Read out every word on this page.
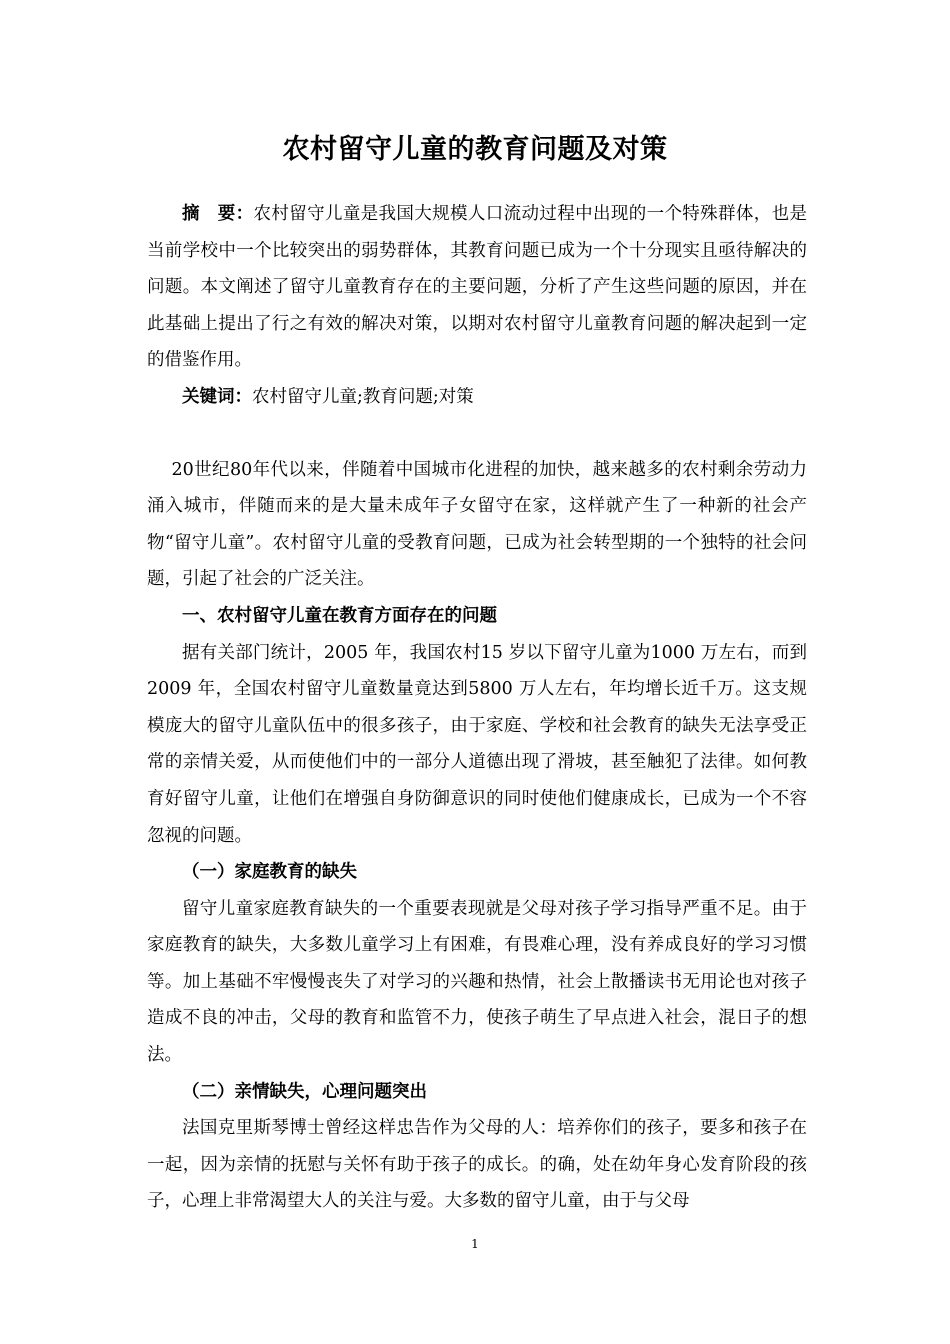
农村留守儿童的教育问题及对策

摘　要：农村留守儿童是我国大规模人口流动过程中出现的一个特殊群体，也是当前学校中一个比较突出的弱势群体，其教育问题已成为一个十分现实且亟待解决的问题。本文阐述了留守儿童教育存在的主要问题，分析了产生这些问题的原因，并在此基础上提出了行之有效的解决对策，以期对农村留守儿童教育问题的解决起到一定的借鉴作用。

关键词：农村留守儿童;教育问题;对策

20世纪80年代以来，伴随着中国城市化进程的加快，越来越多的农村剩余劳动力涌入城市，伴随而来的是大量未成年子女留守在家，这样就产生了一种新的社会产物“留守儿童”。农村留守儿童的受教育问题，已成为社会转型期的一个独特的社会问题，引起了社会的广泛关注。

一、农村留守儿童在教育方面存在的问题

据有关部门统计，2005 年，我国农村15 岁以下留守儿童为1000 万左右，而到2009 年，全国农村留守儿童数量竟达到5800 万人左右，年均增长近千万。这支规模庞大的留守儿童队伍中的很多孩子，由于家庭、学校和社会教育的缺失无法享受正常的亲情关爱，从而使他们中的一部分人道德出现了滑坡，甚至触犯了法律。如何教育好留守儿童，让他们在增强自身防御意识的同时使他们健康成长，已成为一个不容忽视的问题。

（一）家庭教育的缺失

留守儿童家庭教育缺失的一个重要表现就是父母对孩子学习指导严重不足。由于家庭教育的缺失，大多数儿童学习上有困难，有畏难心理，没有养成良好的学习习惯等。加上基础不牢慢慢丧失了对学习的兴趣和热情，社会上散播读书无用论也对孩子造成不良的冲击，父母的教育和监管不力，使孩子萌生了早点进入社会，混日子的想法。

（二）亲情缺失，心理问题突出

法国克里斯琴博士曾经这样忠告作为父母的人：培养你们的孩子，要多和孩子在一起，因为亲情的抚慰与关怀有助于孩子的成长。的确，处在幼年身心发育阶段的孩子，心理上非常渴望大人的关注与爱。大多数的留守儿童，由于与父母

1
